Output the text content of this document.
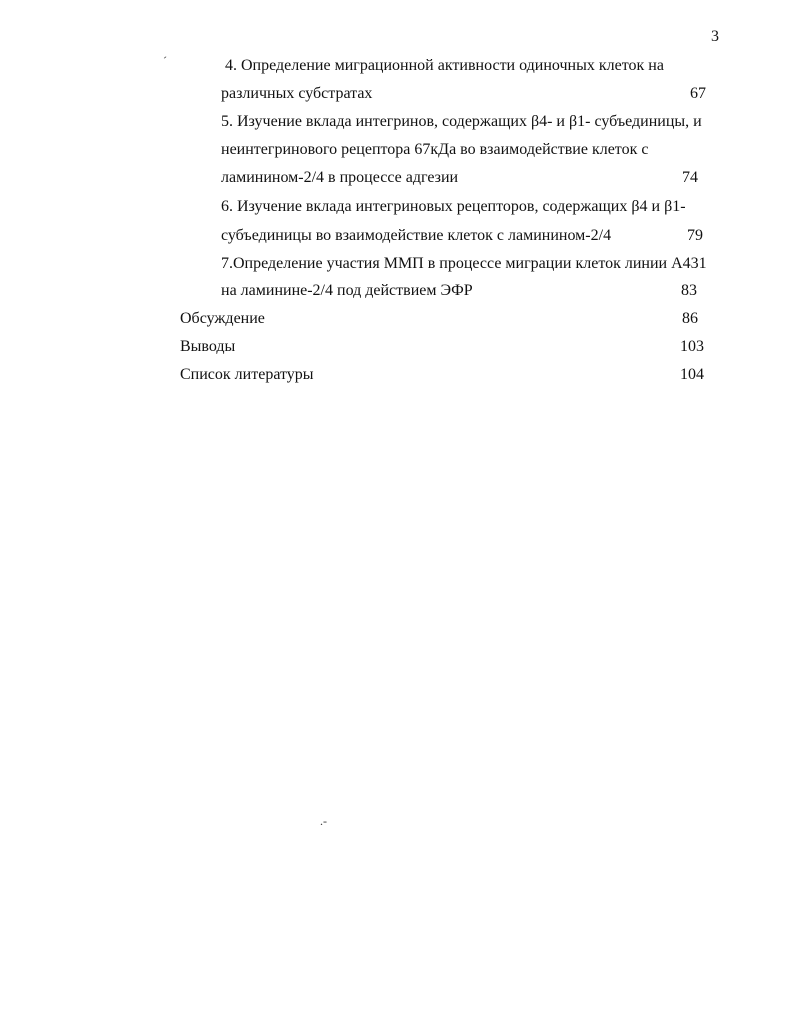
3
ˊ
.-
4. Определение миграционной активности одиночных клеток на
различных субстратах	67
5. Изучение вклада интегринов, содержащих β4- и β1- субъединицы, и
неинтегринового рецептора 67кДа во взаимодействие клеток с
ламинином-2/4 в процессе адгезии	74
6. Изучение вклада интегриновых рецепторов, содержащих β4 и β1-
субъединицы во взаимодействие клеток с ламинином-2/4	79
7.Определение участия ММП в процессе миграции клеток линии А431
на ламинине-2/4 под действием ЭФР	83
Обсуждение	86
Выводы	103
Список литературы	104
